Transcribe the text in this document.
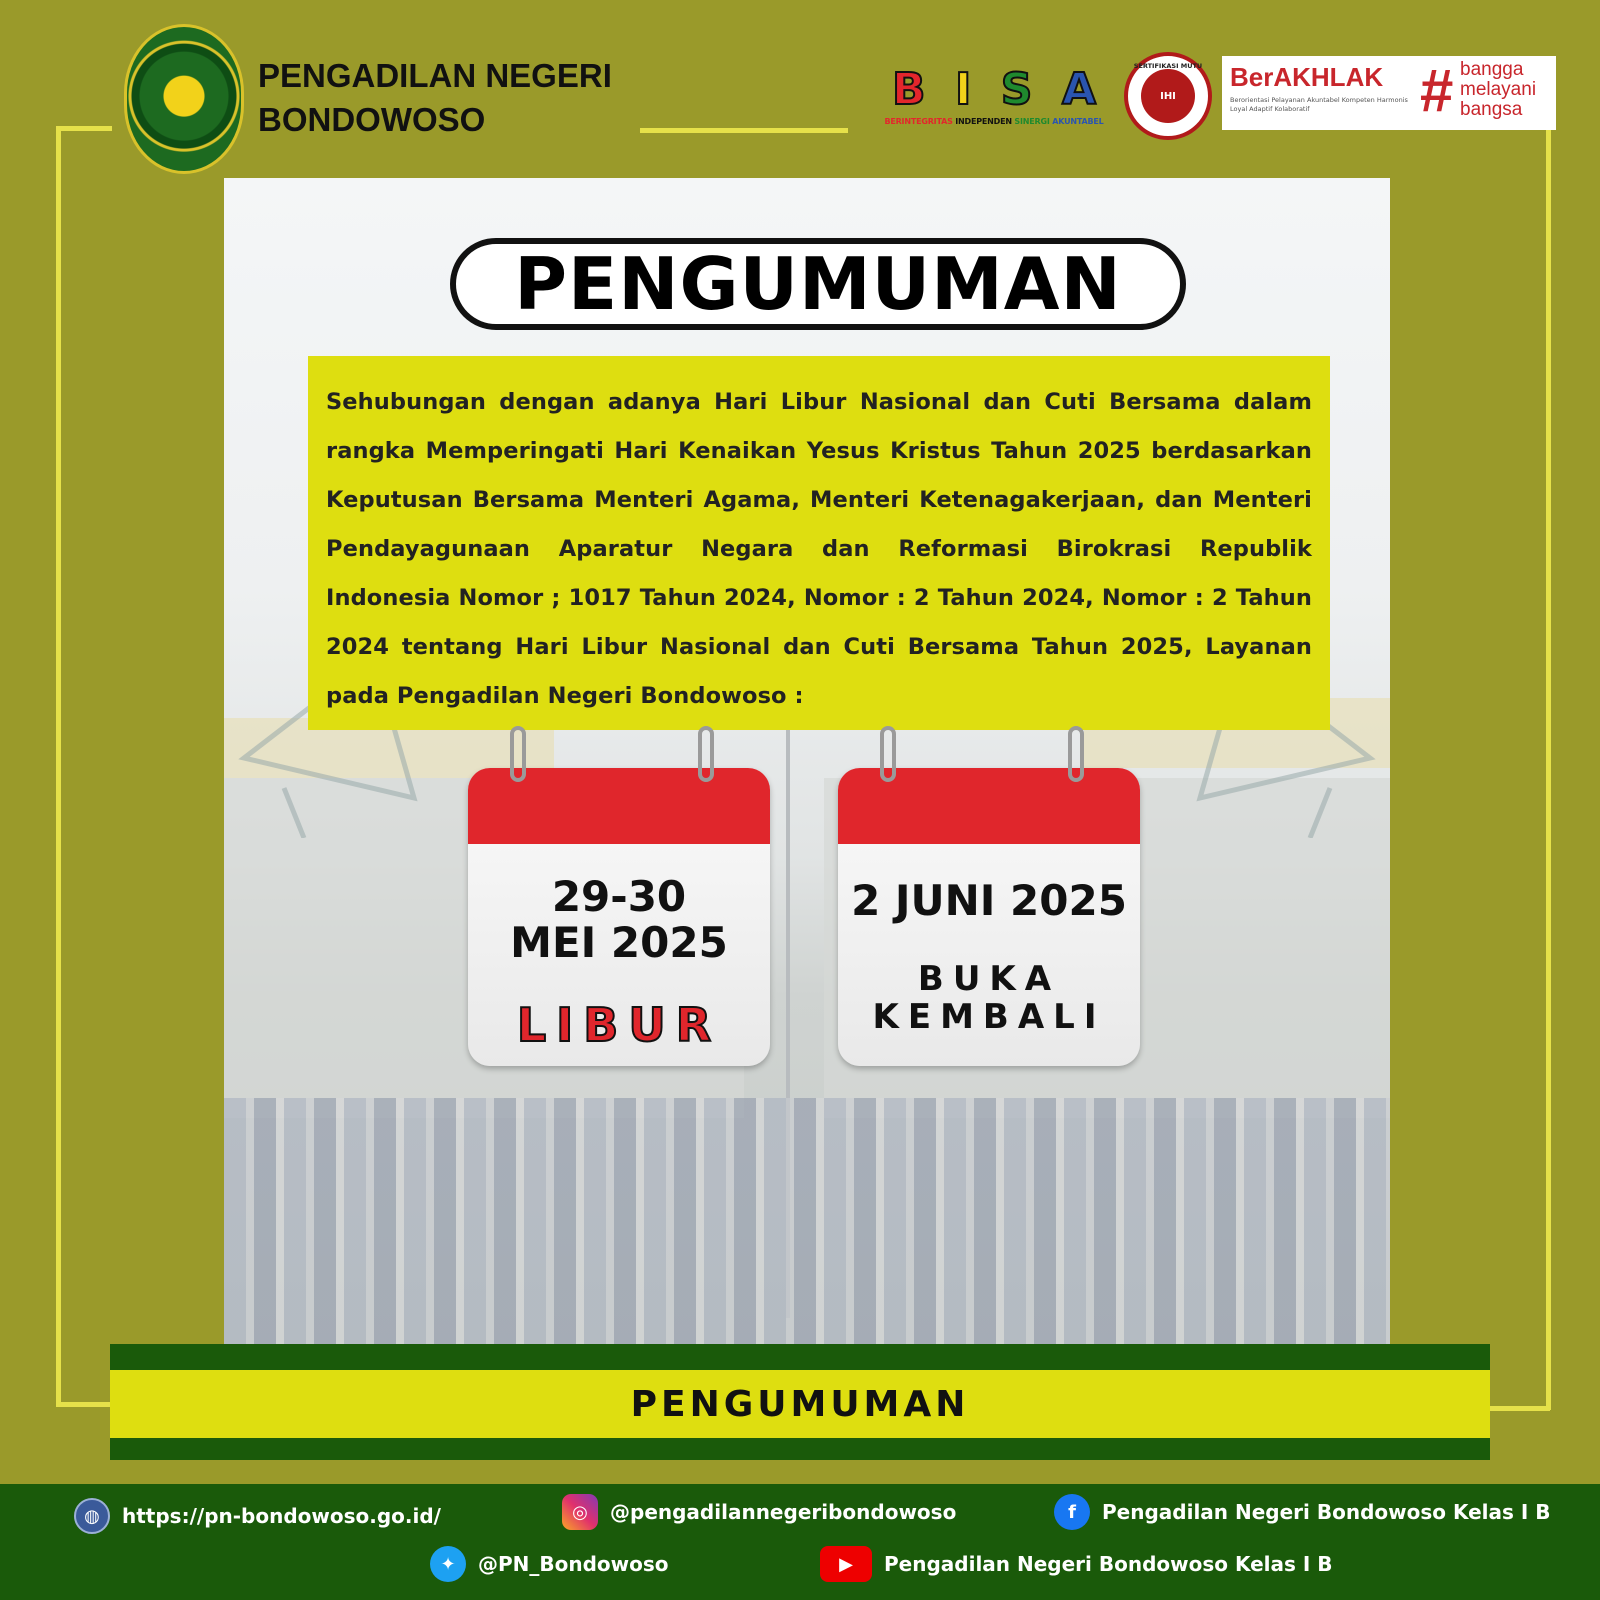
PENGADILAN NEGERI
BONDOWOSO
B I S A
BERINTEGRITAS INDEPENDEN SINERGI AKUNTABEL
SERTIFIKASI MUTU
IHI
BerAKHLAK
Berorientasi Pelayanan Akuntabel Kompeten Harmonis Loyal Adaptif Kolaboratif	# bangga
melayani
bangsa
PENGUMUMAN

Sehubungan dengan adanya Hari Libur Nasional dan Cuti Bersama dalam rangka Memperingati Hari Kenaikan Yesus Kristus Tahun 2025 berdasarkan Keputusan Bersama Menteri Agama, Menteri Ketenagakerjaan, dan Menteri Pendayagunaan Aparatur Negara dan Reformasi Birokrasi Republik Indonesia Nomor ; 1017 Tahun 2024, Nomor : 2 Tahun 2024, Nomor : 2 Tahun 2024 tentang Hari Libur Nasional dan Cuti Bersama Tahun 2025, Layanan pada Pengadilan Negeri Bondowoso :

29-30
MEI 2025
LIBUR
2 JUNI 2025
BUKA
KEMBALI
PENGUMUMAN
◍	https://pn-bondowoso.go.id/	◎	@pengadilannegeribondowoso	f	Pengadilan Negeri Bondowoso Kelas I B
✦	@PN_Bondowoso	▶	Pengadilan Negeri Bondowoso Kelas I B
